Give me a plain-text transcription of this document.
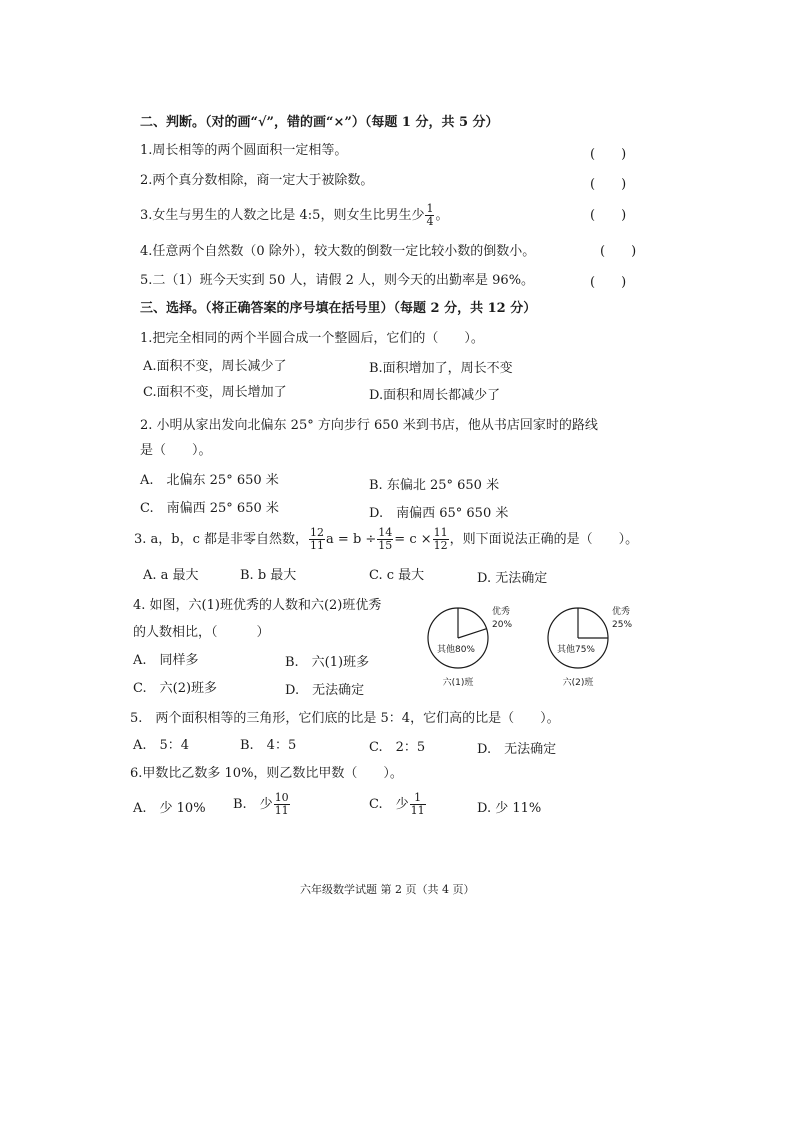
二、判断。（对的画“√”，错的画“×”）（每题 1 分，共 5 分）
1.周长相等的两个圆面积一定相等。	(　　)
2.两个真分数相除，商一定大于被除数。	(　　)
3.女生与男生的人数之比是 4:5，则女生比男生少 $\frac{1}{4}$ 。	(　　)
4.任意两个自然数（0 除外），较大数的倒数一定比较小数的倒数小。	(　　)
5.二（1）班今天实到 50 人，请假 2 人，则今天的出勤率是 96%。	(　　)
三、选择。（将正确答案的序号填在括号里）（每题 2 分，共 12 分）
1.把完全相同的两个半圆合成一个整圆后，它们的（　　）。
A.面积不变，周长减少了	B.面积增加了，周长不变
C.面积不变，周长增加了	D.面积和周长都减少了
2. 小明从家出发向北偏东 25° 方向步行 650 米到书店，他从书店回家时的路线
是（　　）。
A.　北偏东 25° 650 米	B. 东偏北 25° 650 米
C.　南偏西 25° 650 米	D.　南偏西 65° 650 米
3. a，b，c 都是非零自然数， $\frac{12}{11}$ $a = b \div \frac{14}{15} = c \times \frac{11}{12}$ ，则下面说法正确的是（　　）。
A. a 最大	B. b 最大	C. c 最大	D. 无法确定
4. 如图，六(1)班优秀的人数和六(2)班优秀
的人数相比，（　　　）
A.　同样多	B.　六(1)班多
C.　六(2)班多	D.　无法确定
优秀
20%
其他80%
六(1)班
优秀
25%
其他75%
六(2)班
5.　两个面积相等的三角形，它们底的比是 5：4，它们高的比是（　　）。
A.　5：4	B.　4：5	C.　2：5	D.　无法确定
6.甲数比乙数多 10%，则乙数比甲数（　　）。
A.　少 10% B.　少 $\frac{10}{11}$	C.　少 $\frac{1}{11}$	D. 少 11%
六年级数学试题 第 2 页（共 4 页）
